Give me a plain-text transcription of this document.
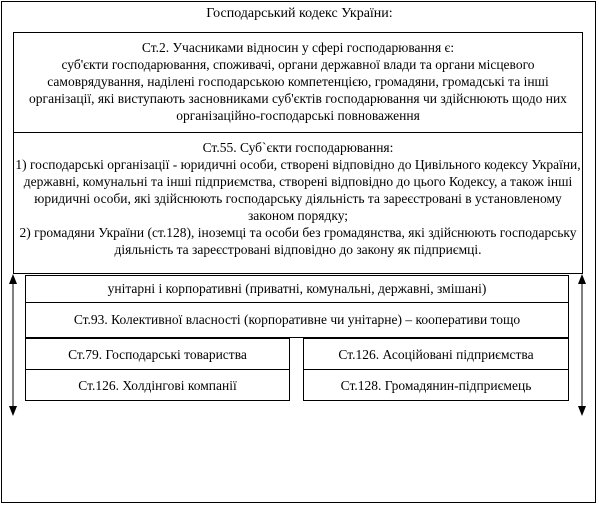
Господарський кодекс України:

Ст.2. Учасниками відносин у сфері господарювання є:

суб'єкти господарювання, споживачі, органи державної влади та органи місцевого самоврядування, наділені господарською компетенцією, громадяни, громадські та інші організації, які виступають засновниками суб'єктів господарювання чи здійснюють щодо них організаційно-господарські повноваження

Ст.55. Суб`єкти господарювання:

1) господарські організації - юридичні особи, створені відповідно до Цивільного кодексу України, державні, комунальні та інші підприємства, створені відповідно до цього Кодексу, а також інші юридичні особи, які здійснюють господарську діяльність та зареєстровані в установленому законом порядку;

2) громадяни України (ст.128), іноземці та особи без громадянства, які здійснюють господарську діяльність та зареєстровані відповідно до закону як підприємці.

унітарні і корпоративні (приватні, комунальні, державні, змішані)
Ст.93. Колективної власності (корпоративне чи унітарне) – кооперативи тощо
Ст.79. Господарські товариства	Ст.126. Асоційовані підприємства
Ст.126. Холдінгові компанії	Ст.128. Громадянин-підприємець
